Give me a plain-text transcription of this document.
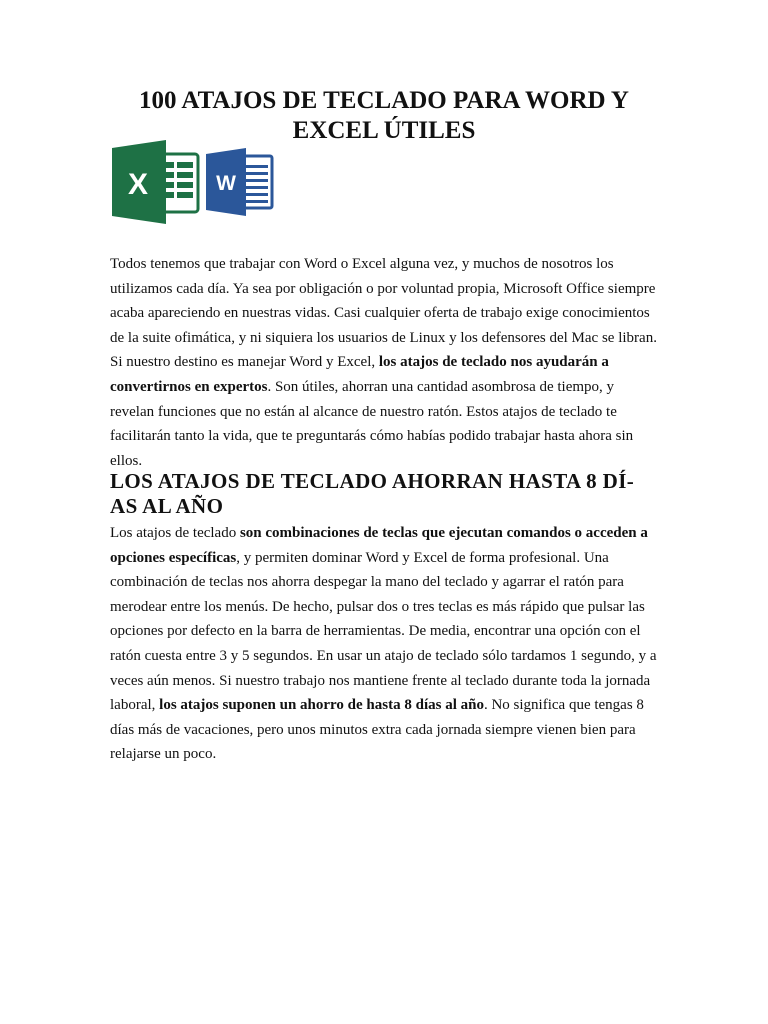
100 ATAJOS DE TECLADO PARA WORD Y EXCEL ÚTILES
X	W

Todos tenemos que trabajar con Word o Excel alguna vez, y muchos de nosotros los utilizamos cada día. Ya sea por obligación o por voluntad propia, Microsoft Office siempre acaba apareciendo en nuestras vidas. Casi cualquier oferta de trabajo exige conocimientos de la suite ofimática, y ni siquiera los usuarios de Linux y los defensores del Mac se libran. Si nuestro destino es manejar Word y Excel, los atajos de teclado nos ayudarán a convertirnos en expertos. Son útiles, ahorran una cantidad asombrosa de tiempo, y revelan funciones que no están al alcance de nuestro ratón. Estos atajos de teclado te facilitarán tanto la vida, que te preguntarás cómo habías podido trabajar hasta ahora sin ellos.

LOS ATAJOS DE TECLADO AHORRAN HASTA 8 DÍ-AS AL AÑO

Los atajos de teclado son combinaciones de teclas que ejecutan comandos o acceden a opciones específicas, y permiten dominar Word y Excel de forma profesional. Una combinación de teclas nos ahorra despegar la mano del teclado y agarrar el ratón para merodear entre los menús. De hecho, pulsar dos o tres teclas es más rápido que pulsar las opciones por defecto en la barra de herramientas. De media, encontrar una opción con el ratón cuesta entre 3 y 5 segundos. En usar un atajo de teclado sólo tardamos 1 segundo, y a veces aún menos. Si nuestro trabajo nos mantiene frente al teclado durante toda la jornada laboral, los atajos suponen un ahorro de hasta 8 días al año. No significa que tengas 8 días más de vacaciones, pero unos minutos extra cada jornada siempre vienen bien para relajarse un poco.
